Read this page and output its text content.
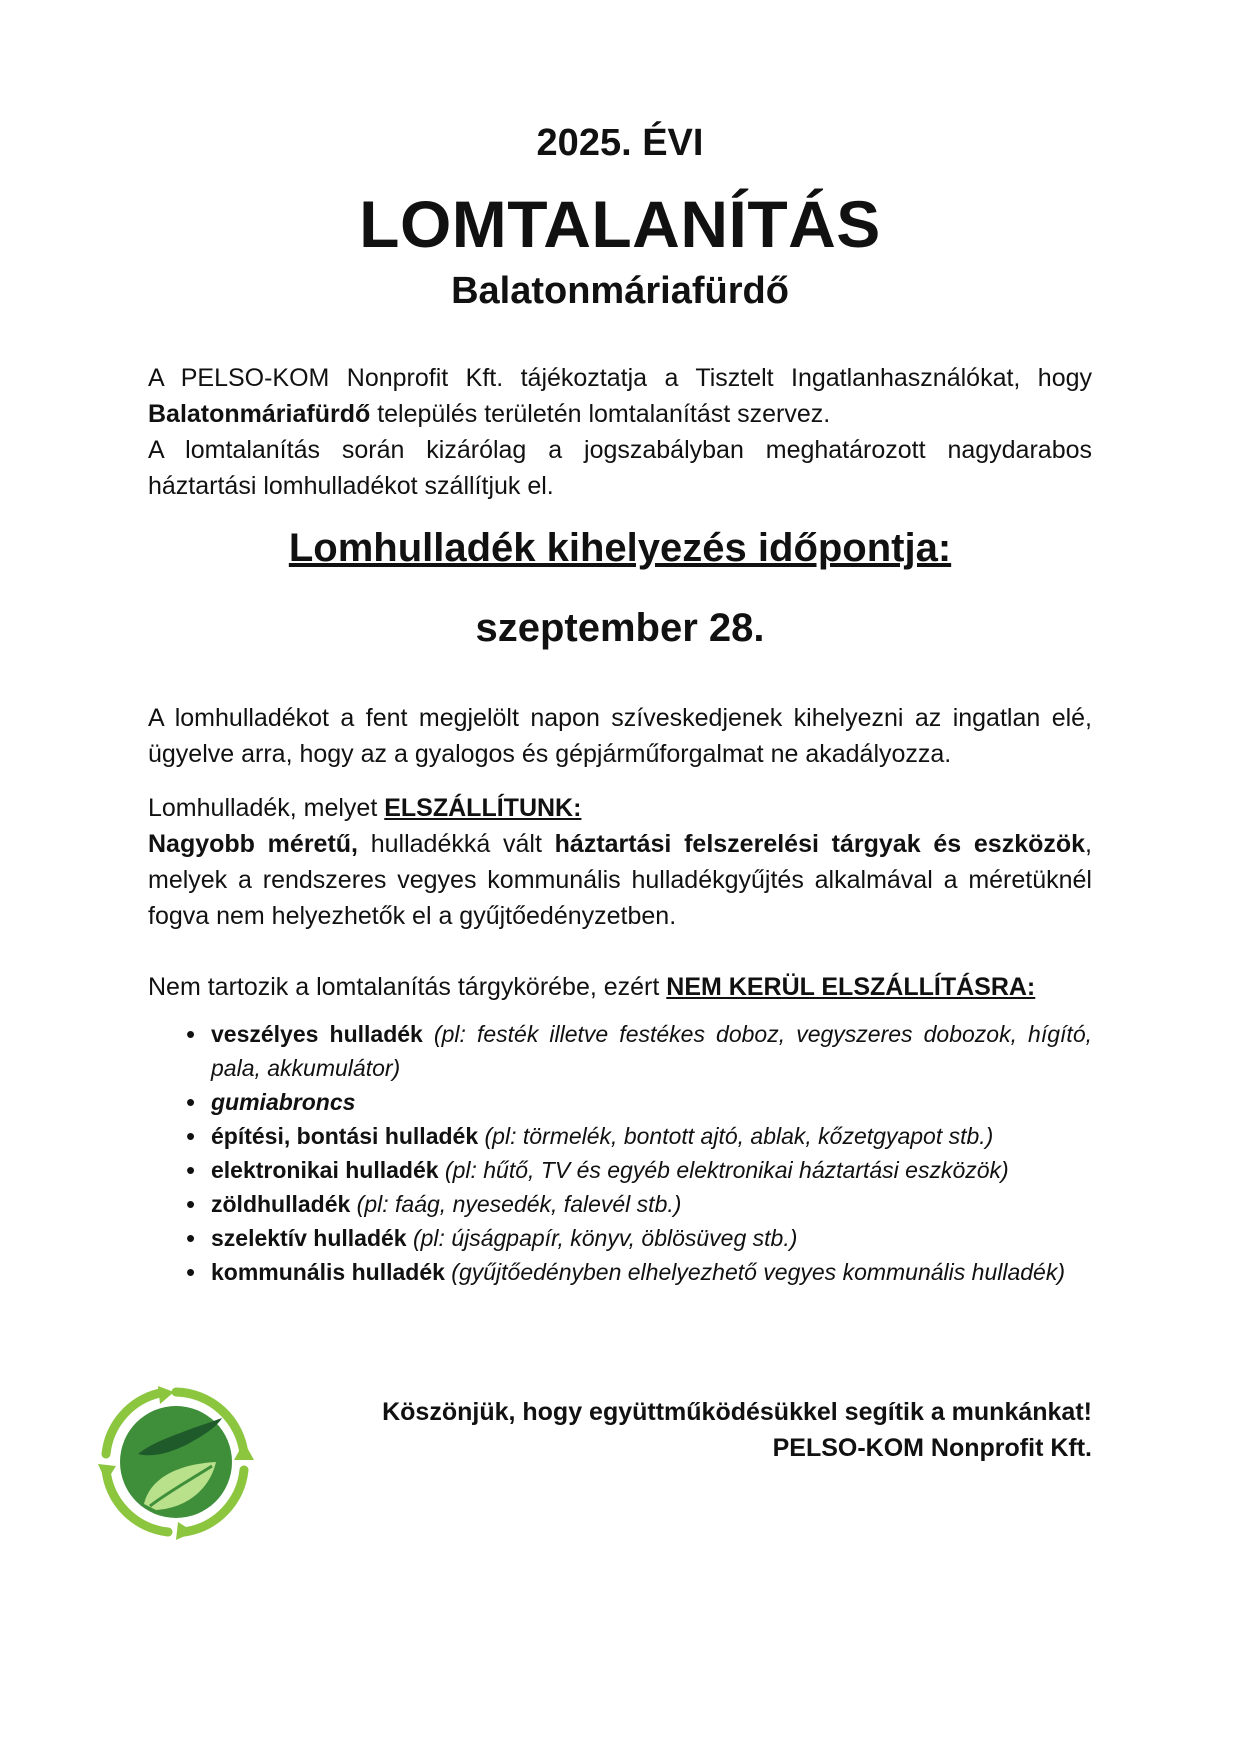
2025. ÉVI
LOMTALANÍTÁS
Balatonmáriafürdő
A PELSO-KOM Nonprofit Kft. tájékoztatja a Tisztelt Ingatlanhasználókat, hogy Balatonmáriafürdő település területén lomtalanítást szervez.
A lomtalanítás során kizárólag a jogszabályban meghatározott nagydarabos háztartási lomhulladékot szállítjuk el.
Lomhulladék kihelyezés időpontja:
szeptember 28.
A lomhulladékot a fent megjelölt napon szíveskedjenek kihelyezni az ingatlan elé, ügyelve arra, hogy az a gyalogos és gépjárműforgalmat ne akadályozza.
Lomhulladék, melyet ELSZÁLLÍTUNK:
Nagyobb méretű, hulladékká vált háztartási felszerelési tárgyak és eszközök, melyek a rendszeres vegyes kommunális hulladékgyűjtés alkalmával a méretüknél fogva nem helyezhetők el a gyűjtőedényzetben.
Nem tartozik a lomtalanítás tárgykörébe, ezért NEM KERÜL ELSZÁLLÍTÁSRA:
• veszélyes hulladék (pl: festék illetve festékes doboz, vegyszeres dobozok, hígító, pala, akkumulátor)
• gumiabroncs
• építési, bontási hulladék (pl: törmelék, bontott ajtó, ablak, kőzetgyapot stb.)
• elektronikai hulladék (pl: hűtő, TV és egyéb elektronikai háztartási eszközök)
• zöldhulladék (pl: faág, nyesedék, falevél stb.)
• szelektív hulladék (pl: újságpapír, könyv, öblösüveg stb.)
• kommunális hulladék (gyűjtőedényben elhelyezhető vegyes kommunális hulladék)
Köszönjük, hogy együttműködésükkel segítik a munkánkat!
PELSO-KOM Nonprofit Kft.
